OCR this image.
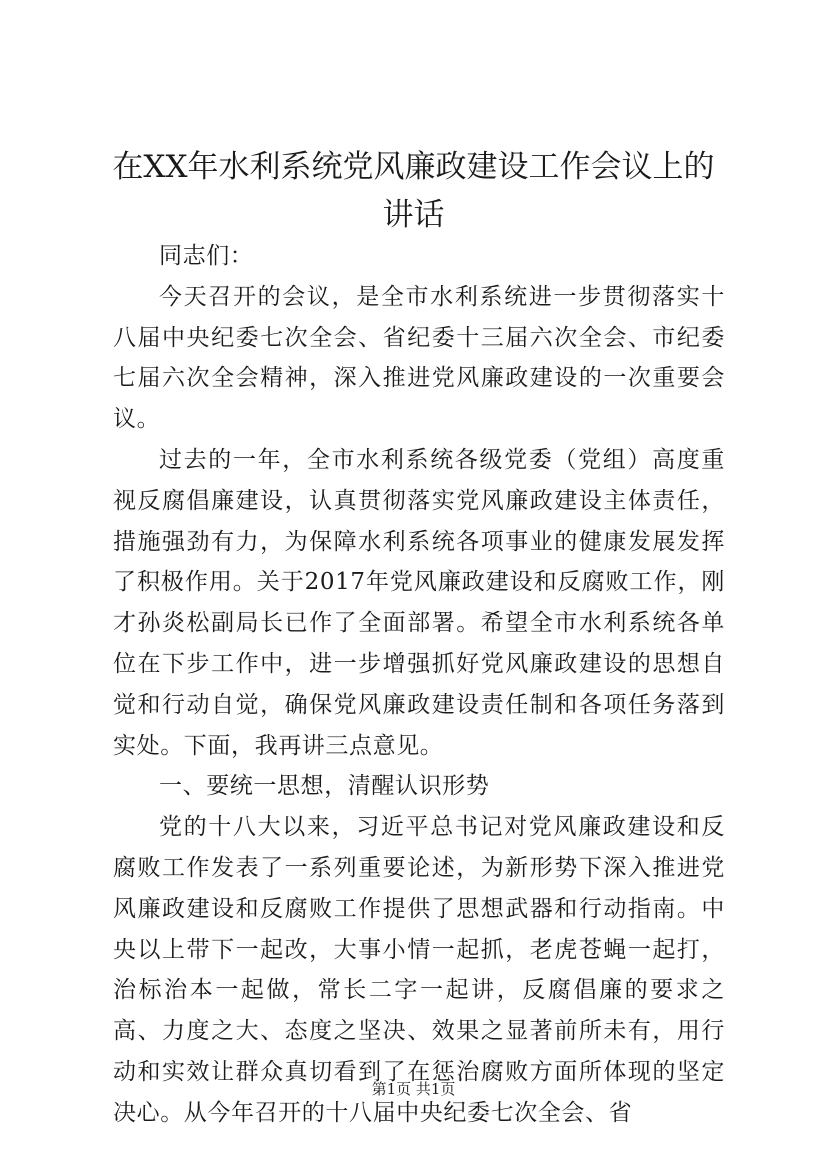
在XX年水利系统党风廉政建设工作会议上的讲话

同志们：

今天召开的会议，是全市水利系统进一步贯彻落实十八届中央纪委七次全会、省纪委十三届六次全会、市纪委七届六次全会精神，深入推进党风廉政建设的一次重要会议。

过去的一年，全市水利系统各级党委（党组）高度重视反腐倡廉建设，认真贯彻落实党风廉政建设主体责任，措施强劲有力，为保障水利系统各项事业的健康发展发挥了积极作用。关于2017年党风廉政建设和反腐败工作，刚才孙炎松副局长已作了全面部署。希望全市水利系统各单位在下步工作中，进一步增强抓好党风廉政建设的思想自觉和行动自觉，确保党风廉政建设责任制和各项任务落到实处。下面，我再讲三点意见。

一、要统一思想，清醒认识形势

党的十八大以来，习近平总书记对党风廉政建设和反腐败工作发表了一系列重要论述，为新形势下深入推进党风廉政建设和反腐败工作提供了思想武器和行动指南。中央以上带下一起改，大事小情一起抓，老虎苍蝇一起打，治标治本一起做，常长二字一起讲，反腐倡廉的要求之高、力度之大、态度之坚决、效果之显著前所未有，用行动和实效让群众真切看到了在惩治腐败方面所体现的坚定决心。从今年召开的十八届中央纪委七次全会、省

第1页 共1页
